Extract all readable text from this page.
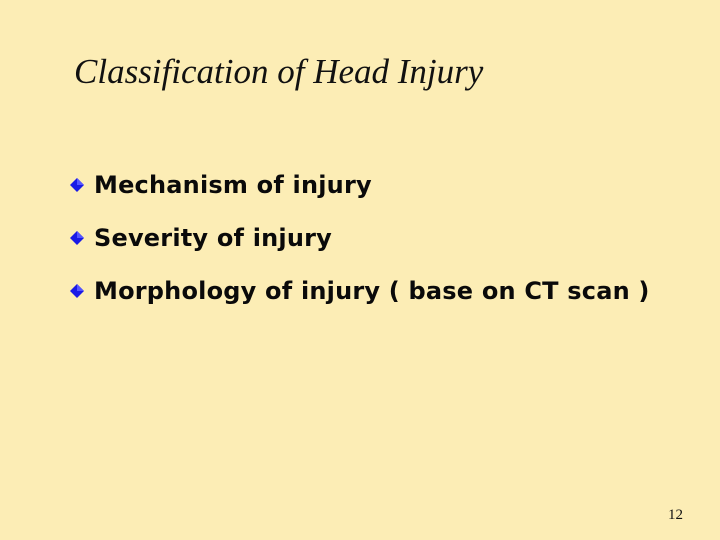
Classification of Head Injury
Mechanism of injury
Severity of injury
Morphology of injury ( base on CT scan )
12
